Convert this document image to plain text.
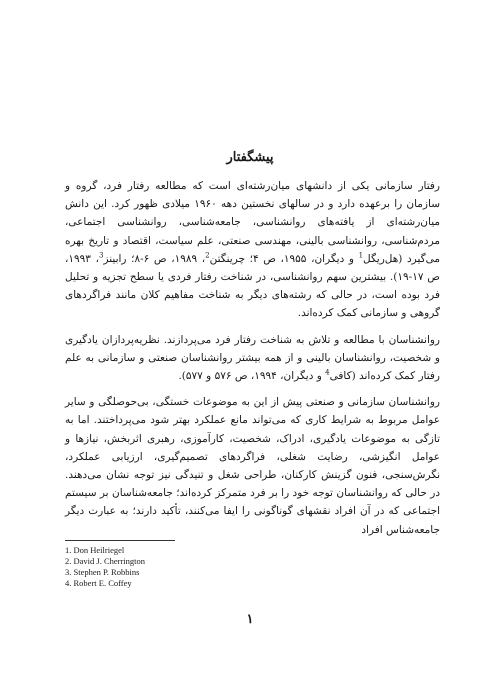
پیشگفتار

رفتار سازمانی یکی از دانشهای میان‌رشته‌ای است که مطالعه رفتار فرد، گروه و سازمان را برعهده دارد و در سالهای نخستین دهه ۱۹۶۰ میلادی ظهور کرد. این دانش میان‌رشته‌ای از یافته‌های روانشناسی، جامعه‌شناسی، روانشناسی اجتماعی، مردم‌شناسی، روانشناسی بالینی، مهندسی صنعتی، علم سیاست، اقتصاد و تاریخ بهره می‌گیرد (هل‌ریگل$^1$ و دیگران، ۱۹۵۵، ص ۴؛ چرینگتن$^2$، ۱۹۸۹، ص ۶-۸؛ رابینز$^3$، ۱۹۹۳، ص ۱۷-۱۹). بیشترین سهم روانشناسی، در شناخت رفتار فردی یا سطح تجزیه و تحلیل فرد بوده است، در حالی که رشته‌های دیگر به شناخت مفاهیم کلان مانند فراگردهای گروهی و سازمانی کمک کرده‌اند.

روانشناسان با مطالعه و تلاش به شناخت رفتار فرد می‌پردازند. نظریه‌پردازان یادگیری و شخصیت، روانشناسان بالینی و از همه بیشتر روانشناسان صنعتی و سازمانی به علم رفتار کمک کرده‌اند (کافی$^4$ و دیگران، ۱۹۹۴، ص ۵۷۶ و ۵۷۷).

روانشناسان سازمانی و صنعتی پیش از این به موضوعات خستگی، بی‌حوصلگی و سایر عوامل مربوط به شرایط کاری که می‌تواند مانع عملکرد بهتر شود می‌پرداختند. اما به تازگی به موضوعات یادگیری، ادراک، شخصیت، کارآموزی، رهبری اثربخش، نیازها و عوامل انگیزشی، رضایت شغلی، فراگردهای تصمیم‌گیری، ارزیابی عملکرد، نگرش‌سنجی، فنون گزینش کارکنان، طراحی شغل و تنیدگی نیز توجه نشان می‌دهند. در حالی که روانشناسان توجه خود را بر فرد متمرکز کرده‌اند؛ جامعه‌شناسان بر سیستم اجتماعی که در آن افراد نقشهای گوناگونی را ایفا می‌کنند، تأکید دارند؛ به عبارت دیگر جامعه‌شناس افراد

1. Don Heilriegel
2. David J. Cherrington
3. Stephen P. Robbins
4. Robert E. Coffey
۱
